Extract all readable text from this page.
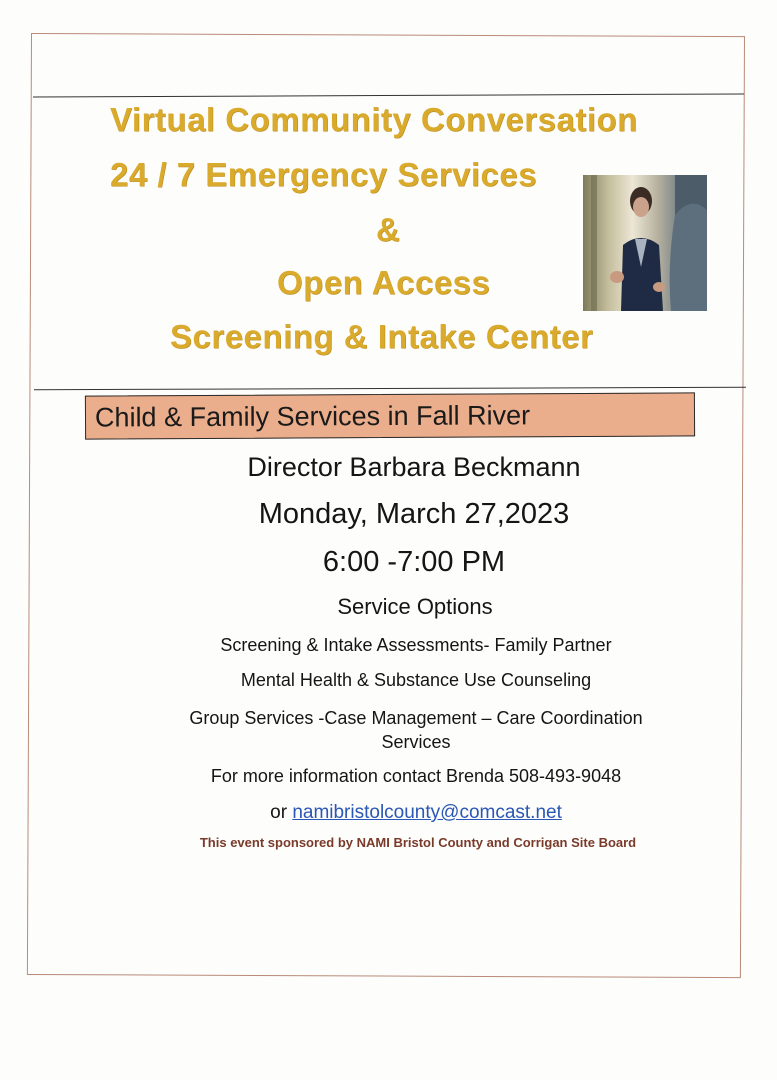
Virtual Community Conversation
24 / 7 Emergency Services
&
Open Access
Screening & Intake Center
Child & Family Services in Fall River
Director Barbara Beckmann
Monday, March 27,2023
6:00 -7:00 PM
Service Options
Screening & Intake Assessments- Family Partner
Mental Health & Substance Use Counseling
Group Services -Case Management – Care Coordination
Services
For more information contact Brenda 508-493-9048
or namibristolcounty@comcast.net
This event sponsored by NAMI Bristol County and Corrigan Site Board
